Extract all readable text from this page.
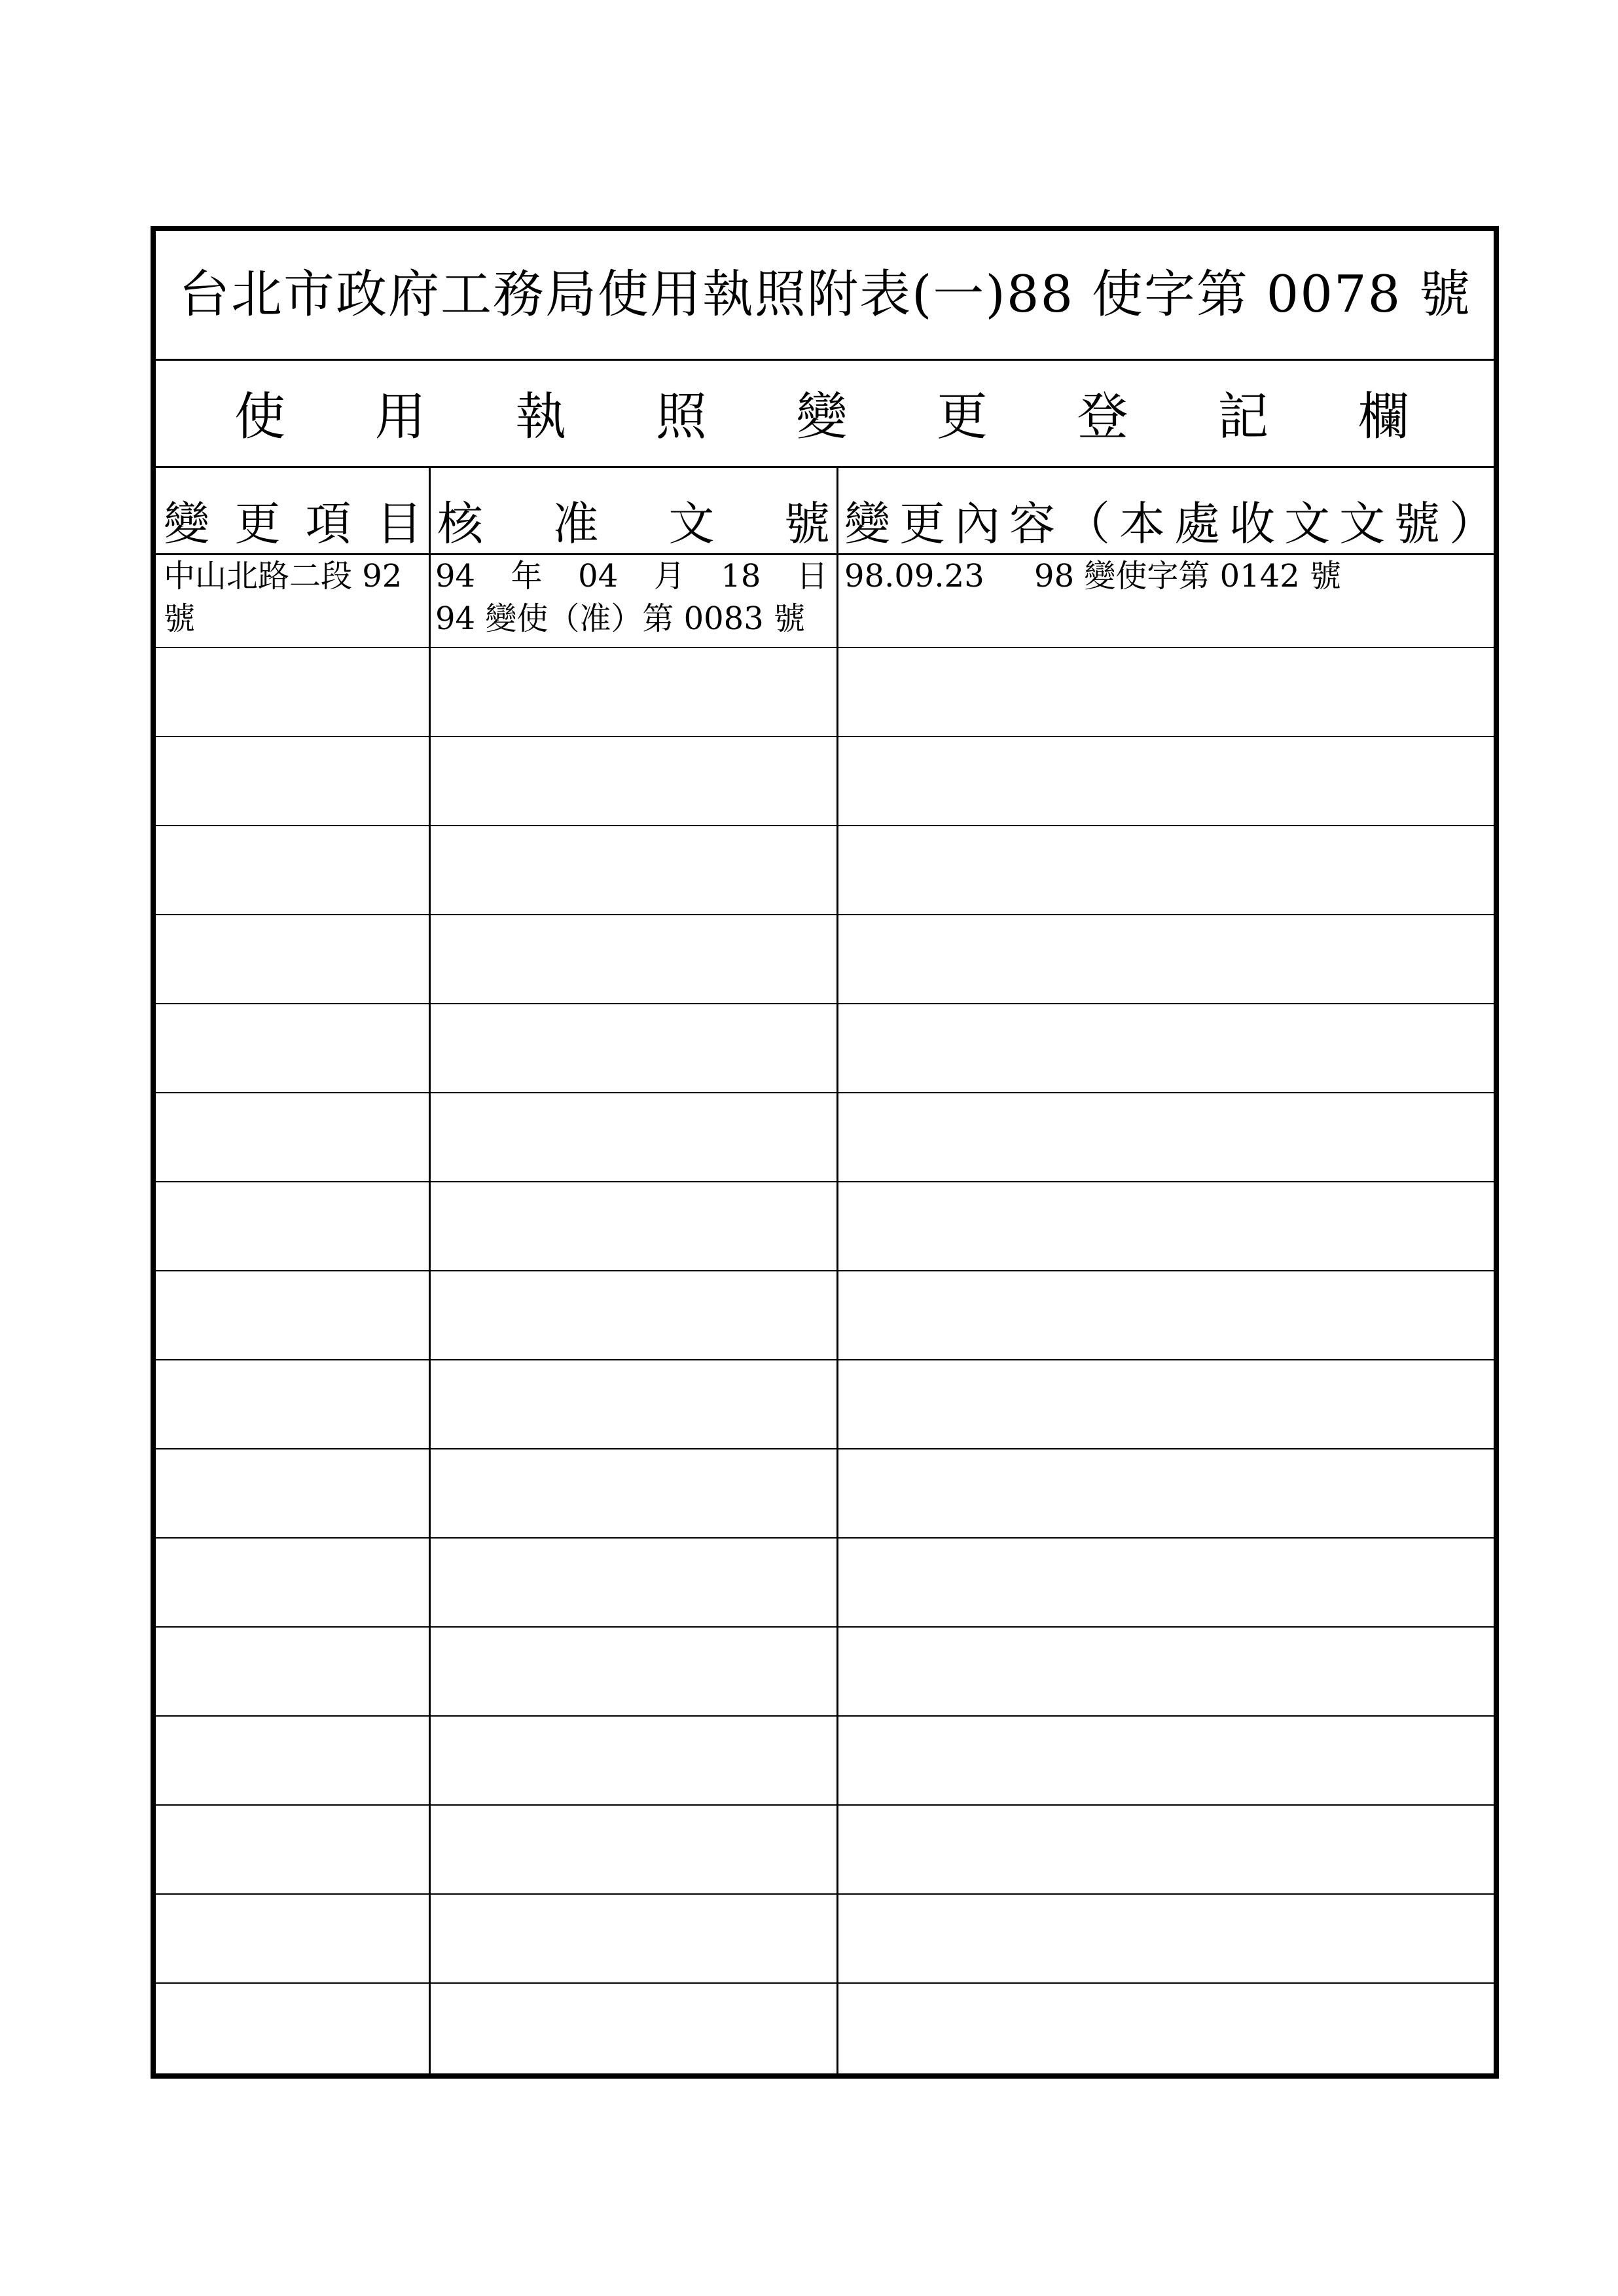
台北市政府工務局使用執照附表(一)88 使字第 0078 號
使 用 執 照 變 更 登 記 欄
變 更 項 目 核 准 文 號 變更內容（本處收文文號）
中山北路二段 92
號
94 年 04 月 18 日
94 變使（准）第 0083 號
98.09.23     98 變使字第 0142 號
